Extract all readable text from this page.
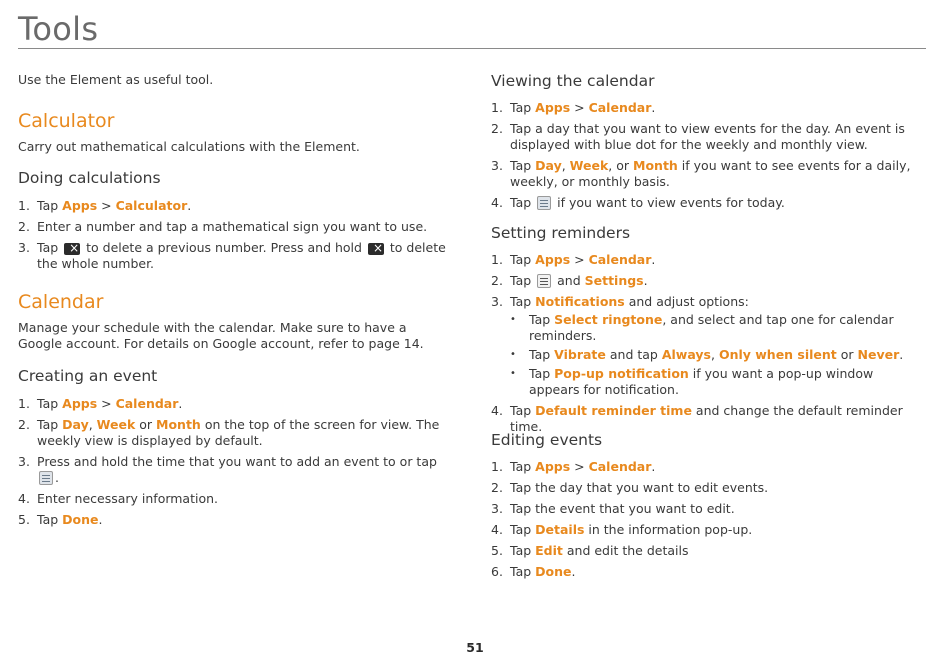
Tools

Use the Element as useful tool.

Calculator

Carry out mathematical calculations with the Element.

Doing calculations
1. Tap Apps > Calculator.
2. Enter a number and tap a mathematical sign you want to use.
3. Tap × to delete a previous number. Press and hold × to delete the whole number.
Calendar

Manage your schedule with the calendar. Make sure to have a Google account. For details on Google account, refer to page 14.

Creating an event
1. Tap Apps > Calendar.
2. Tap Day, Week or Month on the top of the screen for view. The weekly view is displayed by default.
3. Press and hold the time that you want to add an event to or tap .
4. Enter necessary information.
5. Tap Done.
Viewing the calendar
1. Tap Apps > Calendar.
2. Tap a day that you want to view events for the day. An event is displayed with blue dot for the weekly and monthly view.
3. Tap Day, Week, or Month if you want to see events for a daily, weekly, or monthly basis.
4. Tap  if you want to view events for today.
Setting reminders
1. Tap Apps > Calendar.
2. Tap  and Settings.
3. Tap Notifications and adjust options:
• Tap Select ringtone, and select and tap one for calendar reminders.
• Tap Vibrate and tap Always, Only when silent or Never.
• Tap Pop-up notification if you want a pop-up window appears for notification.
4. Tap Default reminder time and change the default reminder time.
Editing events
1. Tap Apps > Calendar.
2. Tap the day that you want to edit events.
3. Tap the event that you want to edit.
4. Tap Details in the information pop-up.
5. Tap Edit and edit the details
6. Tap Done.
51
